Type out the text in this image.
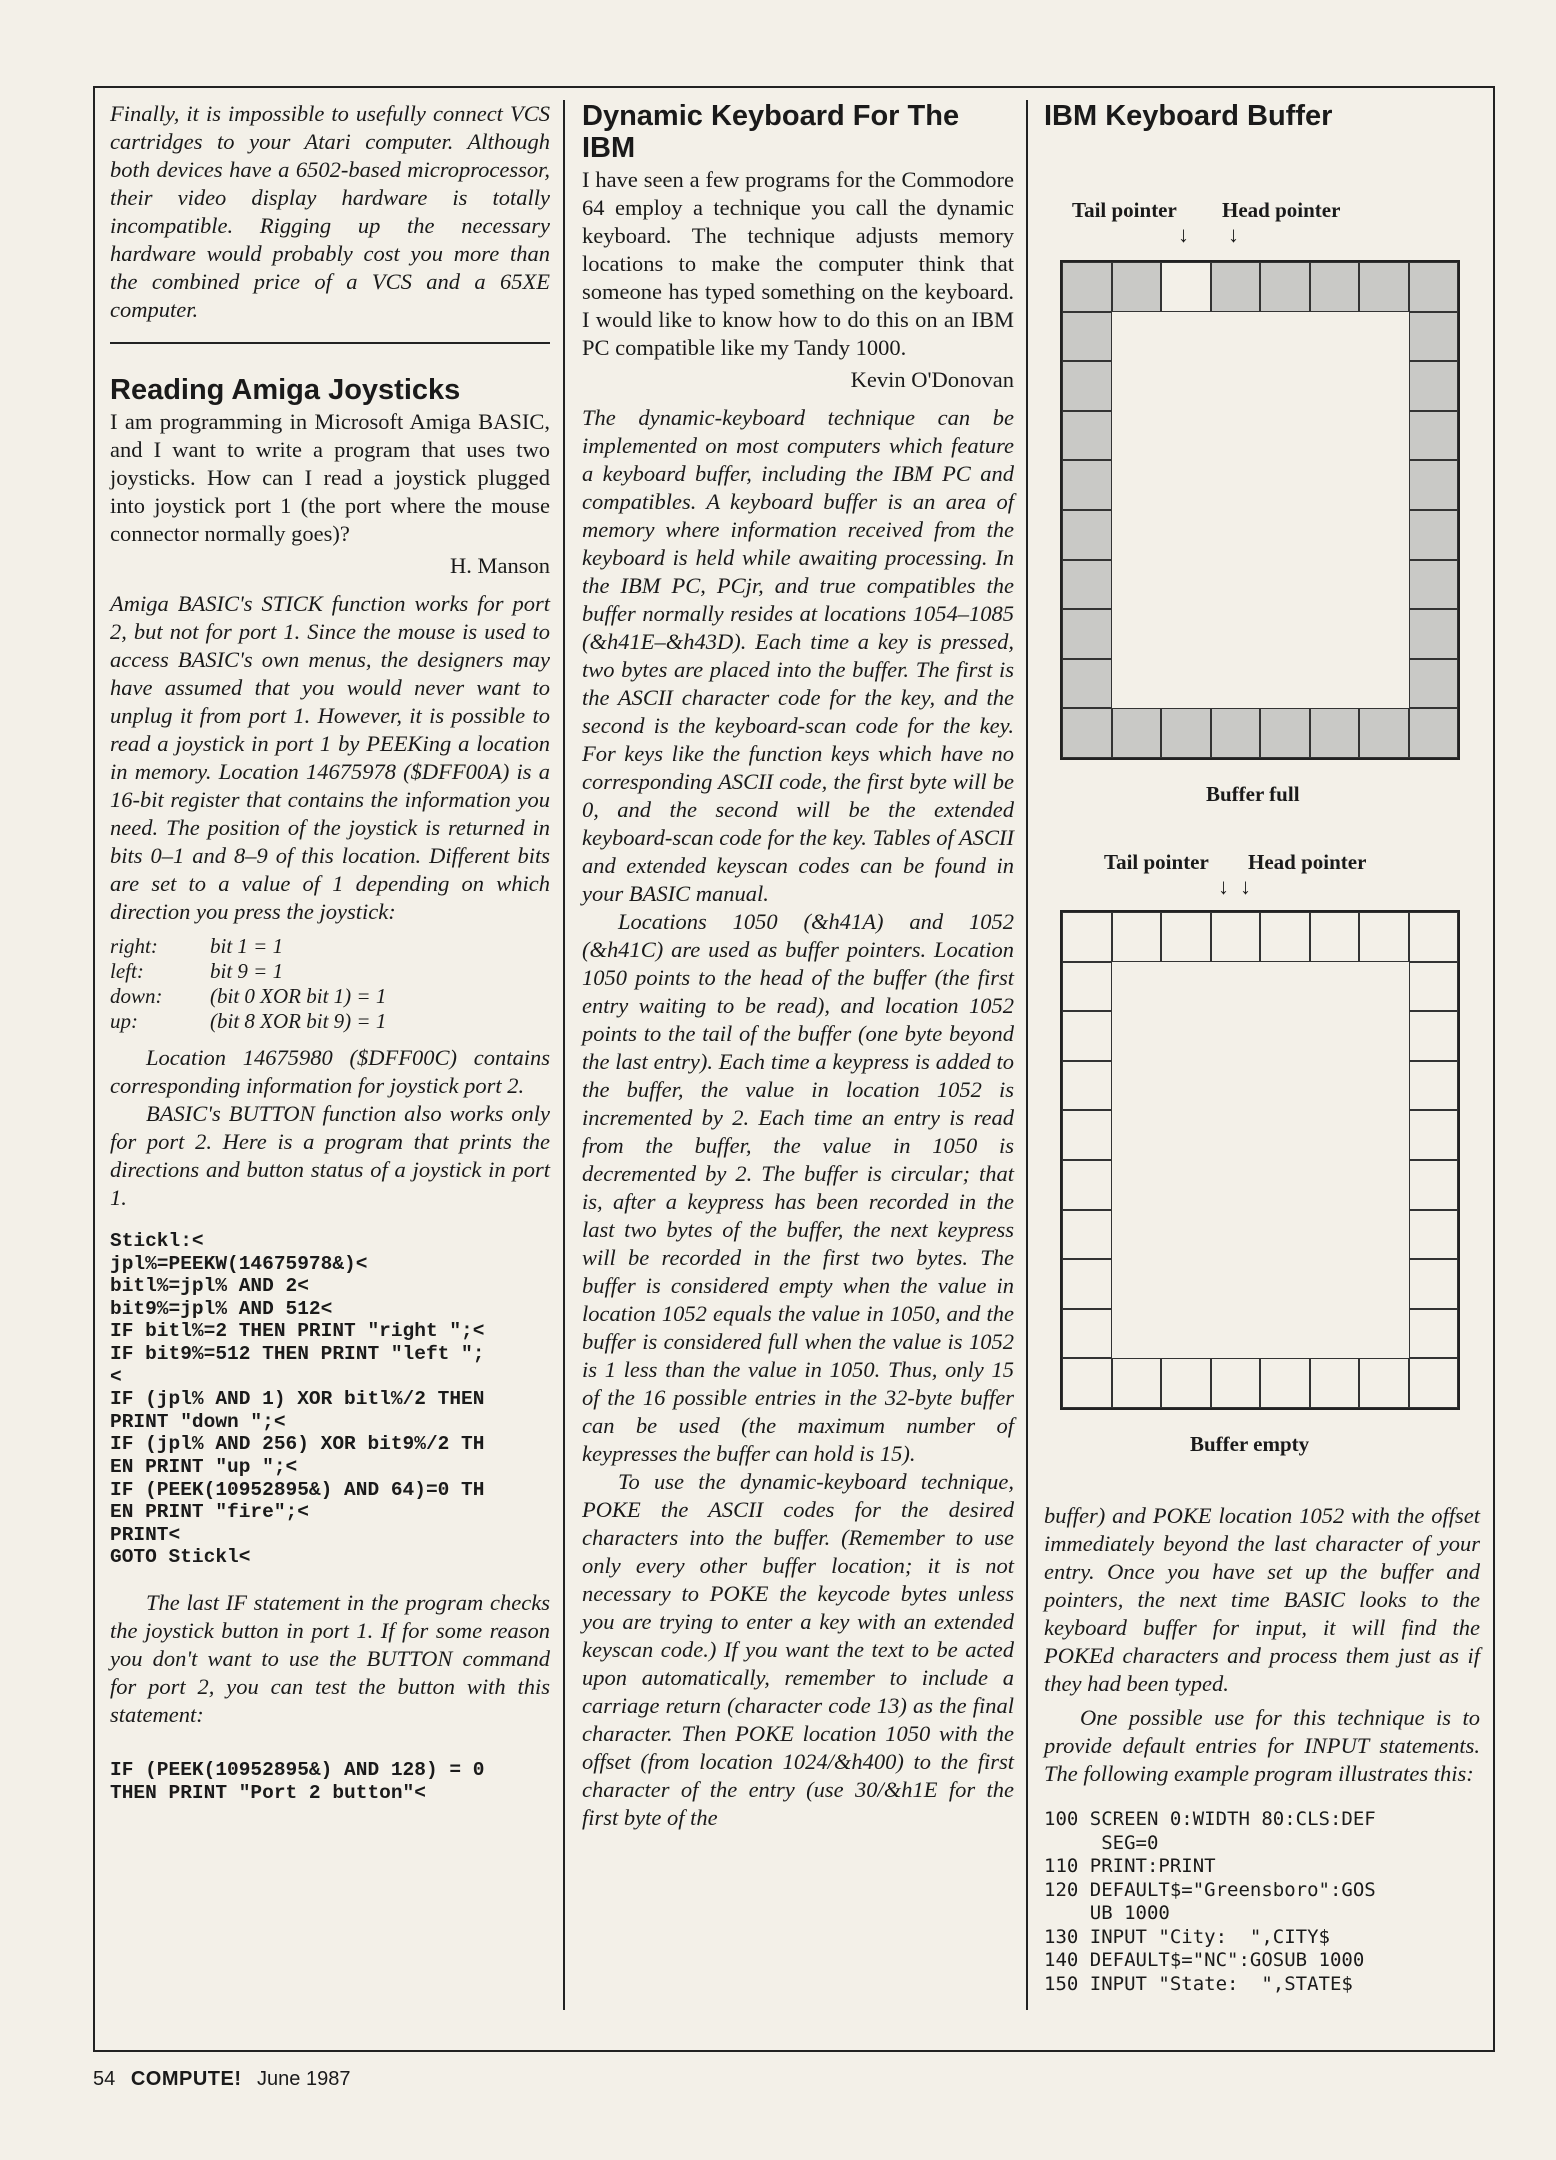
Finally, it is impossible to usefully connect VCS cartridges to your Atari computer. Although both devices have a 6502-based microprocessor, their video display hardware is totally incompatible. Rigging up the necessary hardware would probably cost you more than the combined price of a VCS and a 65XE computer.

Reading Amiga Joysticks

I am programming in Microsoft Amiga BASIC, and I want to write a program that uses two joysticks. How can I read a joystick plugged into joystick port 1 (the port where the mouse connector normally goes)?

H. Manson

Amiga BASIC's STICK function works for port 2, but not for port 1. Since the mouse is used to access BASIC's own menus, the designers may have assumed that you would never want to unplug it from port 1. However, it is possible to read a joystick in port 1 by PEEKing a location in memory. Location 14675978 ($DFF00A) is a 16-bit register that contains the information you need. The position of the joystick is returned in bits 0–1 and 8–9 of this location. Different bits are set to a value of 1 depending on which direction you press the joystick:

right:	bit 1 = 1
left:	bit 9 = 1
down:	(bit 0 XOR bit 1) = 1
up:	(bit 8 XOR bit 9) = 1

Location 14675980 ($DFF00C) contains corresponding information for joystick port 2.

BASIC's BUTTON function also works only for port 2. Here is a program that prints the directions and button status of a joystick in port 1.

Stickl:<
jpl%=PEEKW(14675978&)<
bitl%=jpl% AND 2<
bit9%=jpl% AND 512<
IF bitl%=2 THEN PRINT "right ";<
IF bit9%=512 THEN PRINT "left ";
<
IF (jpl% AND 1) XOR bitl%/2 THEN
PRINT "down ";<
IF (jpl% AND 256) XOR bit9%/2 TH
EN PRINT "up ";<
IF (PEEK(10952895&) AND 64)=0 TH
EN PRINT "fire";<
PRINT<
GOTO Stickl<

The last IF statement in the program checks the joystick button in port 1. If for some reason you don't want to use the BUTTON command for port 2, you can test the button with this statement:

IF (PEEK(10952895&) AND 128) = 0
THEN PRINT "Port 2 button"<
Dynamic Keyboard For The IBM

I have seen a few programs for the Commodore 64 employ a technique you call the dynamic keyboard. The technique adjusts memory locations to make the computer think that someone has typed something on the keyboard. I would like to know how to do this on an IBM PC compatible like my Tandy 1000.

Kevin O'Donovan

The dynamic-keyboard technique can be implemented on most computers which feature a keyboard buffer, including the IBM PC and compatibles. A keyboard buffer is an area of memory where information received from the keyboard is held while awaiting processing. In the IBM PC, PCjr, and true compatibles the buffer normally resides at locations 1054–1085 (&h41E–&h43D). Each time a key is pressed, two bytes are placed into the buffer. The first is the ASCII character code for the key, and the second is the keyboard-scan code for the key. For keys like the function keys which have no corresponding ASCII code, the first byte will be 0, and the second will be the extended keyboard-scan code for the key. Tables of ASCII and extended keyscan codes can be found in your BASIC manual.

Locations 1050 (&h41A) and 1052 (&h41C) are used as buffer pointers. Location 1050 points to the head of the buffer (the first entry waiting to be read), and location 1052 points to the tail of the buffer (one byte beyond the last entry). Each time a keypress is added to the buffer, the value in location 1052 is incremented by 2. Each time an entry is read from the buffer, the value in 1050 is decremented by 2. The buffer is circular; that is, after a keypress has been recorded in the last two bytes of the buffer, the next keypress will be recorded in the first two bytes. The buffer is considered empty when the value in location 1052 equals the value in 1050, and the buffer is considered full when the value is 1052 is 1 less than the value in 1050. Thus, only 15 of the 16 possible entries in the 32-byte buffer can be used (the maximum number of keypresses the buffer can hold is 15).

To use the dynamic-keyboard technique, POKE the ASCII codes for the desired characters into the buffer. (Remember to use only every other buffer location; it is not necessary to POKE the keycode bytes unless you are trying to enter a key with an extended keyscan code.) If you want the text to be acted upon automatically, remember to include a carriage return (character code 13) as the final character. Then POKE location 1050 with the offset (from location 1024/&h400) to the first character of the entry (use 30/&h1E for the first byte of the

IBM Keyboard Buffer
Tail pointer Head pointer
↓ ↓
Buffer full
Tail pointer Head pointer
↓ ↓
Buffer empty

buffer) and POKE location 1052 with the offset immediately beyond the last character of your entry. Once you have set up the buffer and pointers, the next time BASIC looks to the keyboard buffer for input, it will find the POKEd characters and process them just as if they had been typed.

One possible use for this technique is to provide default entries for INPUT statements. The following example program illustrates this:

100 SCREEN 0:WIDTH 80:CLS:DEF
SEG=0
110 PRINT:PRINT
120 DEFAULT$="Greensboro":GOS
UB 1000
130 INPUT "City:  ",CITY$
140 DEFAULT$="NC":GOSUB 1000
150 INPUT "State:  ",STATE$
54 COMPUTE! June 1987
